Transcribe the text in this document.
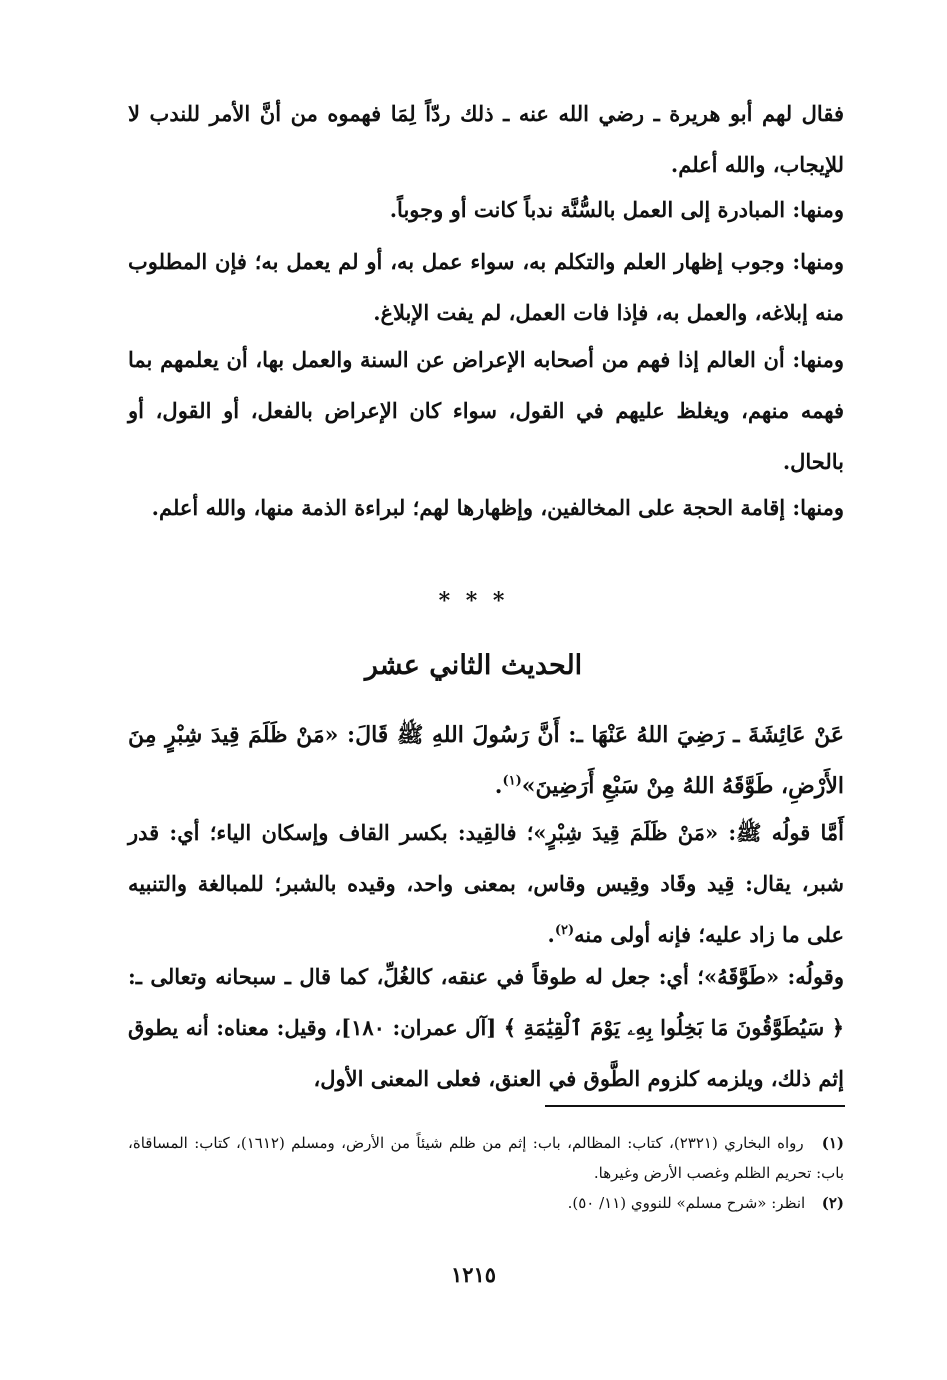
فقال لهم أبو هريرة ـ رضي الله عنه ـ ذلك ردّاً لِمَا فهموه من أنَّ الأمر للندب لا للإيجاب، والله أعلم.

ومنها: المبادرة إلى العمل بالسُّنَّة ندباً كانت أو وجوباً.

ومنها: وجوب إظهار العلم والتكلم به، سواء عمل به، أو لم يعمل به؛ فإن المطلوب منه إبلاغه، والعمل به، فإذا فات العمل، لم يفت الإبلاغ.

ومنها: أن العالم إذا فهم من أصحابه الإعراض عن السنة والعمل بها، أن يعلمهم بما فهمه منهم، ويغلظ عليهم في القول، سواء كان الإعراض بالفعل، أو القول، أو بالحال.

ومنها: إقامة الحجة على المخالفين، وإظهارها لهم؛ لبراءة الذمة منها، والله أعلم.

* * *

الحديث الثاني عشر

عَنْ عَائِشَةَ ـ رَضِيَ اللهُ عَنْهَا ـ: أَنَّ رَسُولَ اللهِ ﷺ قَالَ: «مَنْ ظَلَمَ قِيدَ شِبْرٍ مِنَ الأَرْضِ، طَوَّقَهُ اللهُ مِنْ سَبْعِ أَرَضِينَ»$^{(١)}$.

أَمَّا قولُه ﷺ: «مَنْ ظَلَمَ قِيدَ شِبْرٍ»؛ فالقِيد: بكسر القاف وإسكان الياء؛ أي: قدر شبر، يقال: قِيد وقَاد وقِيس وقاس، بمعنى واحد، وقيده بالشبر؛ للمبالغة والتنبيه على ما زاد عليه؛ فإنه أولى منه$^{(٢)}$.

وقولُه: «طَوَّقَهُ»؛ أي: جعل له طوقاً في عنقه، كالغُلِّ، كما قال ـ سبحانه وتعالى ـ: ﴿ سَيُطَوَّقُونَ مَا بَخِلُوا بِهِۦ يَوْمَ ٱلْقِيَٰمَةِ ﴾ [آل عمران: ١٨٠]، وقيل: معناه: أنه يطوق إثم ذلك، ويلزمه كلزوم الطَّوق في العنق، فعلى المعنى الأول،

(١) رواه البخاري (٢٣٢١)، كتاب: المظالم، باب: إثم من ظلم شيئاً من الأرض، ومسلم (١٦١٢)، كتاب: المساقاة، باب: تحريم الظلم وغصب الأرض وغيرها.

(٢) انظر: «شرح مسلم» للنووي (١١/ ٥٠).

١٢١٥
